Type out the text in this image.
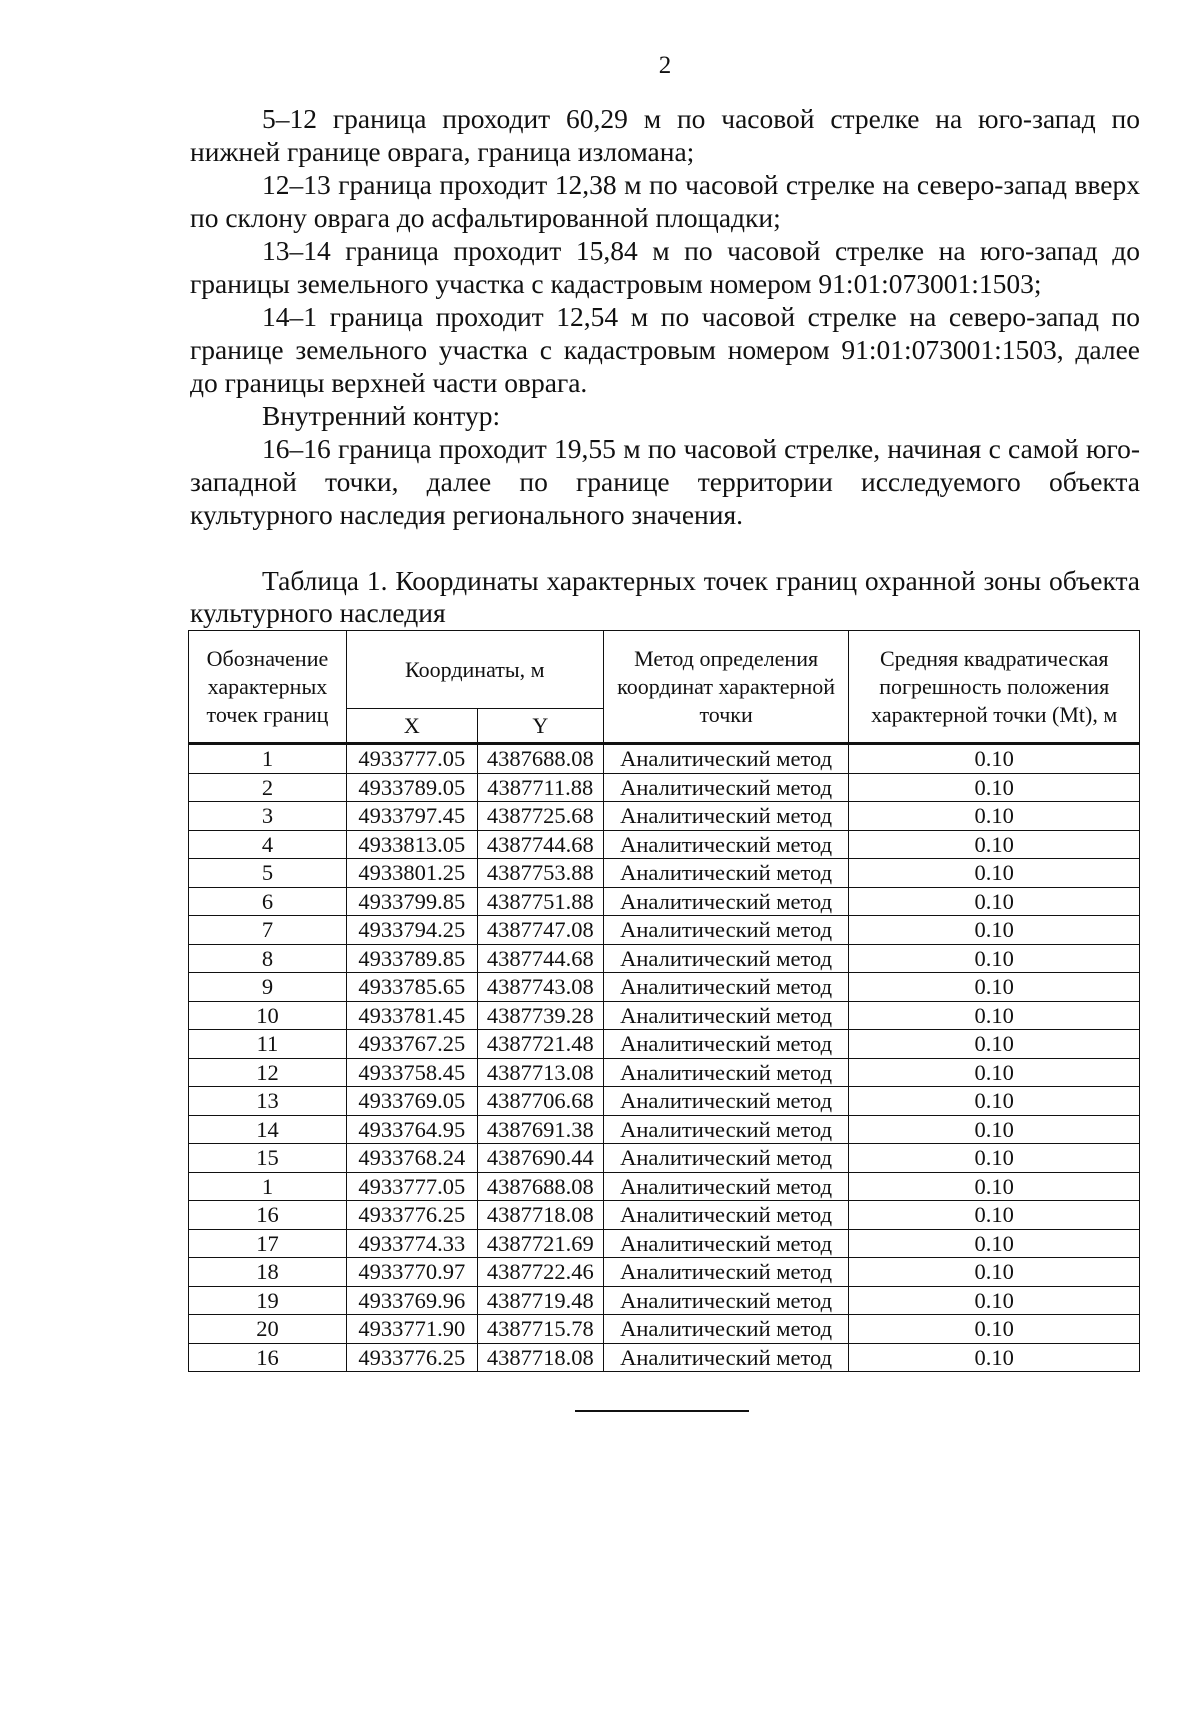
2

5–12 граница проходит 60,29 м по часовой стрелке на юго-запад по нижней границе оврага, граница изломана;

12–13 граница проходит 12,38 м по часовой стрелке на северо-запад вверх по склону оврага до асфальтированной площадки;

13–14 граница проходит 15,84 м по часовой стрелке на юго-запад до границы земельного участка с кадастровым номером 91:01:073001:1503;

14–1 граница проходит 12,54 м по часовой стрелке на северо-запад по границе земельного участка с кадастровым номером 91:01:073001:1503, далее до границы верхней части оврага.

Внутренний контур:

16–16 граница проходит 19,55 м по часовой стрелке, начиная с самой юго-западной точки, далее по границе территории исследуемого объекта культурного наследия регионального значения.

Таблица 1. Координаты характерных точек границ охранной зоны объекта культурного наследия
Обозначение характерных точек границ	Координаты, м		Метод определения координат характерной точки	Средняя квадратическая погрешность положения характерной точки (Mt), м
	X	Y		
1	4933777.05	4387688.08	Аналитический метод	0.10
2	4933789.05	4387711.88	Аналитический метод	0.10
3	4933797.45	4387725.68	Аналитический метод	0.10
4	4933813.05	4387744.68	Аналитический метод	0.10
5	4933801.25	4387753.88	Аналитический метод	0.10
6	4933799.85	4387751.88	Аналитический метод	0.10
7	4933794.25	4387747.08	Аналитический метод	0.10
8	4933789.85	4387744.68	Аналитический метод	0.10
9	4933785.65	4387743.08	Аналитический метод	0.10
10	4933781.45	4387739.28	Аналитический метод	0.10
11	4933767.25	4387721.48	Аналитический метод	0.10
12	4933758.45	4387713.08	Аналитический метод	0.10
13	4933769.05	4387706.68	Аналитический метод	0.10
14	4933764.95	4387691.38	Аналитический метод	0.10
15	4933768.24	4387690.44	Аналитический метод	0.10
1	4933777.05	4387688.08	Аналитический метод	0.10
16	4933776.25	4387718.08	Аналитический метод	0.10
17	4933774.33	4387721.69	Аналитический метод	0.10
18	4933770.97	4387722.46	Аналитический метод	0.10
19	4933769.96	4387719.48	Аналитический метод	0.10
20	4933771.90	4387715.78	Аналитический метод	0.10
16	4933776.25	4387718.08	Аналитический метод	0.10
